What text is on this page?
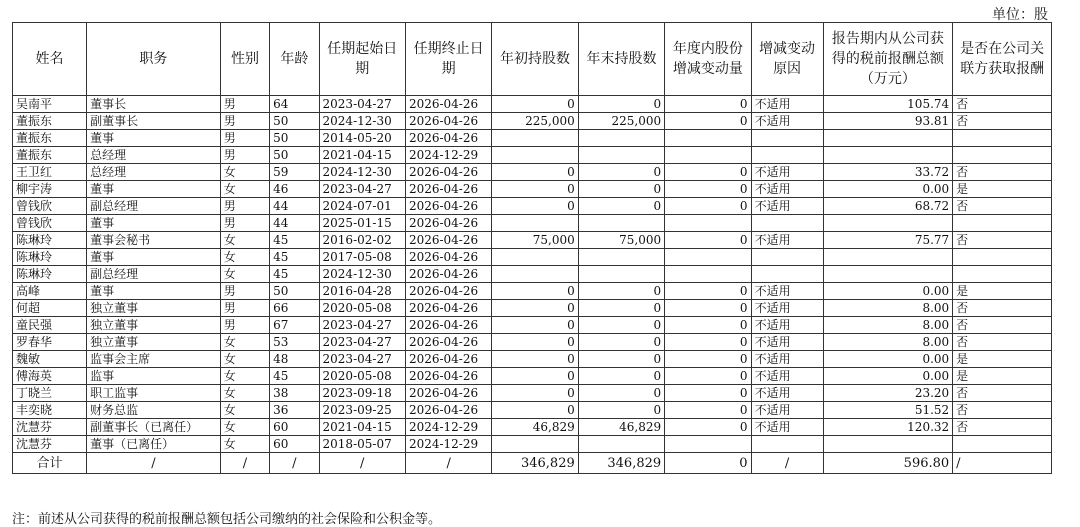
单位：股
姓名	职务	性别	年龄	任期起始日期	任期终止日期	年初持股数	年末持股数	年度内股份增减变动量	增减变动原因	报告期内从公司获得的税前报酬总额（万元）	是否在公司关联方获取报酬
吴南平	董事长	男	64	2023-04-27	2026-04-26	0	0	0	不适用	105.74	否
董振东	副董事长	男	50	2024-12-30	2026-04-26	225,000	225,000	0	不适用	93.81	否
董振东	董事	男	50	2014-05-20	2026-04-26						
董振东	总经理	男	50	2021-04-15	2024-12-29						
王卫红	总经理	女	59	2024-12-30	2026-04-26	0	0	0	不适用	33.72	否
柳宇涛	董事	女	46	2023-04-27	2026-04-26	0	0	0	不适用	0.00	是
曾钱欣	副总经理	男	44	2024-07-01	2026-04-26	0	0	0	不适用	68.72	否
曾钱欣	董事	男	44	2025-01-15	2026-04-26						
陈琳玲	董事会秘书	女	45	2016-02-02	2026-04-26	75,000	75,000	0	不适用	75.77	否
陈琳玲	董事	女	45	2017-05-08	2026-04-26						
陈琳玲	副总经理	女	45	2024-12-30	2026-04-26						
高峰	董事	男	50	2016-04-28	2026-04-26	0	0	0	不适用	0.00	是
何超	独立董事	男	66	2020-05-08	2026-04-26	0	0	0	不适用	8.00	否
童民强	独立董事	男	67	2023-04-27	2026-04-26	0	0	0	不适用	8.00	否
罗春华	独立董事	女	53	2023-04-27	2026-04-26	0	0	0	不适用	8.00	否
魏敏	监事会主席	女	48	2023-04-27	2026-04-26	0	0	0	不适用	0.00	是
傅海英	监事	女	45	2020-05-08	2026-04-26	0	0	0	不适用	0.00	是
丁晓兰	职工监事	女	38	2023-09-18	2026-04-26	0	0	0	不适用	23.20	否
丰奕晓	财务总监	女	36	2023-09-25	2026-04-26	0	0	0	不适用	51.52	否
沈慧芬	副董事长（已离任）	女	60	2021-04-15	2024-12-29	46,829	46,829	0	不适用	120.32	否
沈慧芬	董事（已离任）	女	60	2018-05-07	2024-12-29						
合计	/	/	/	/	/	346,829	346,829	0	/	596.80	/
注：前述从公司获得的税前报酬总额包括公司缴纳的社会保险和公积金等。
